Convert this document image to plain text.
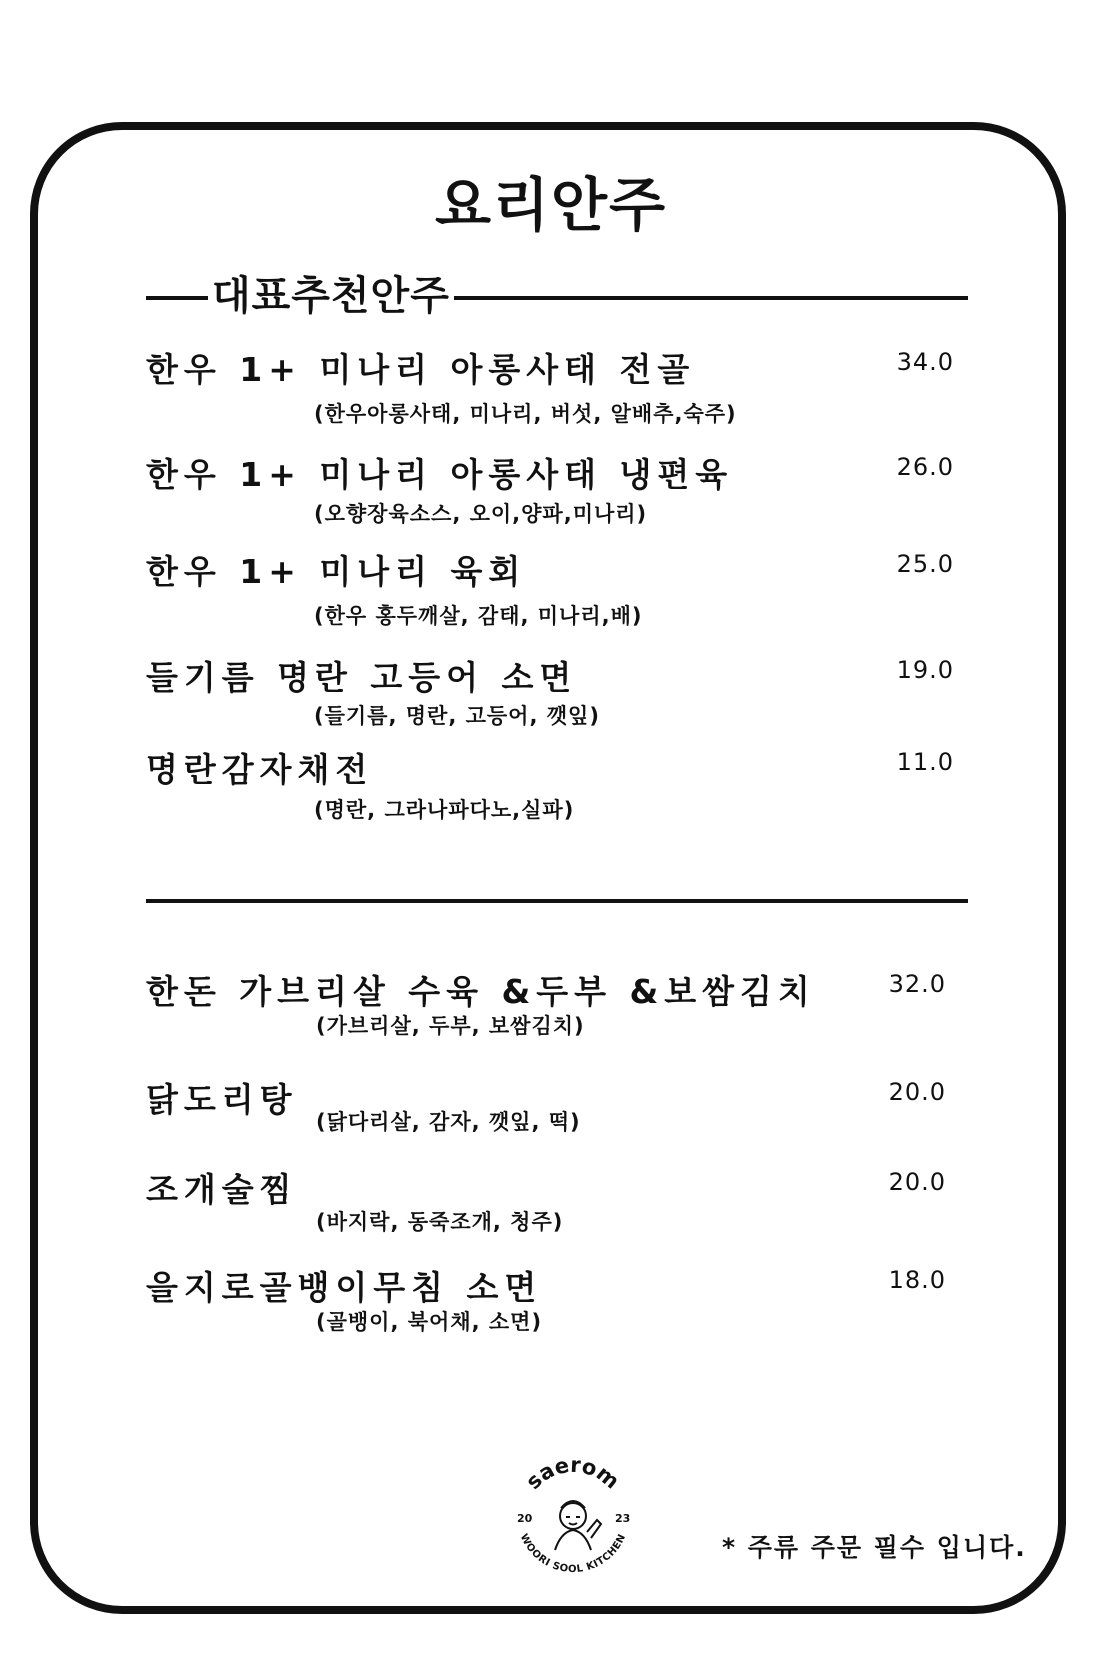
요리안주
대표추천안주
한우 1+ 미나리 아롱사태 전골	34.0
(한우아롱사태, 미나리, 버섯, 알배추,숙주)
한우 1+ 미나리 아롱사태 냉편육	26.0
(오향장육소스, 오이,양파,미나리)
한우 1+ 미나리 육회	25.0
(한우 홍두깨살, 감태, 미나리,배)
들기름 명란 고등어 소면	19.0
(들기름, 명란, 고등어, 깻잎)
명란감자채전	11.0
(명란, 그라나파다노,실파)
한돈 가브리살 수육 &두부 &보쌈김치	32.0
(가브리살, 두부, 보쌈김치)
닭도리탕	20.0
(닭다리살, 감자, 깻잎, 떡)
조개술찜	20.0
(바지락, 동죽조개, 청주)
을지로골뱅이무침 소면	18.0
(골뱅이, 북어채, 소면)
saerom
WOORI SOOL KITCHEN
20	23
* 주류 주문 필수 입니다.
